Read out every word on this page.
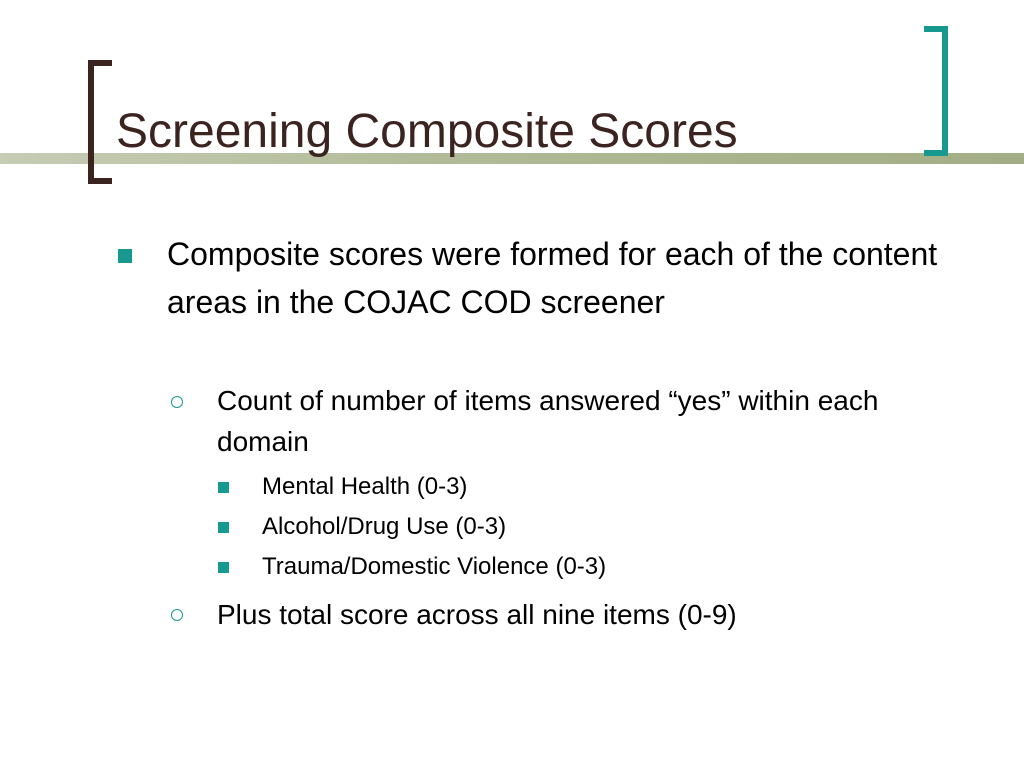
Screening Composite Scores
Composite scores were formed for each of the content areas in the COJAC COD screener
Count of number of items answered “yes” within each domain
Mental Health (0-3)
Alcohol/Drug Use (0-3)
Trauma/Domestic Violence (0-3)
Plus total score across all nine items (0-9)
